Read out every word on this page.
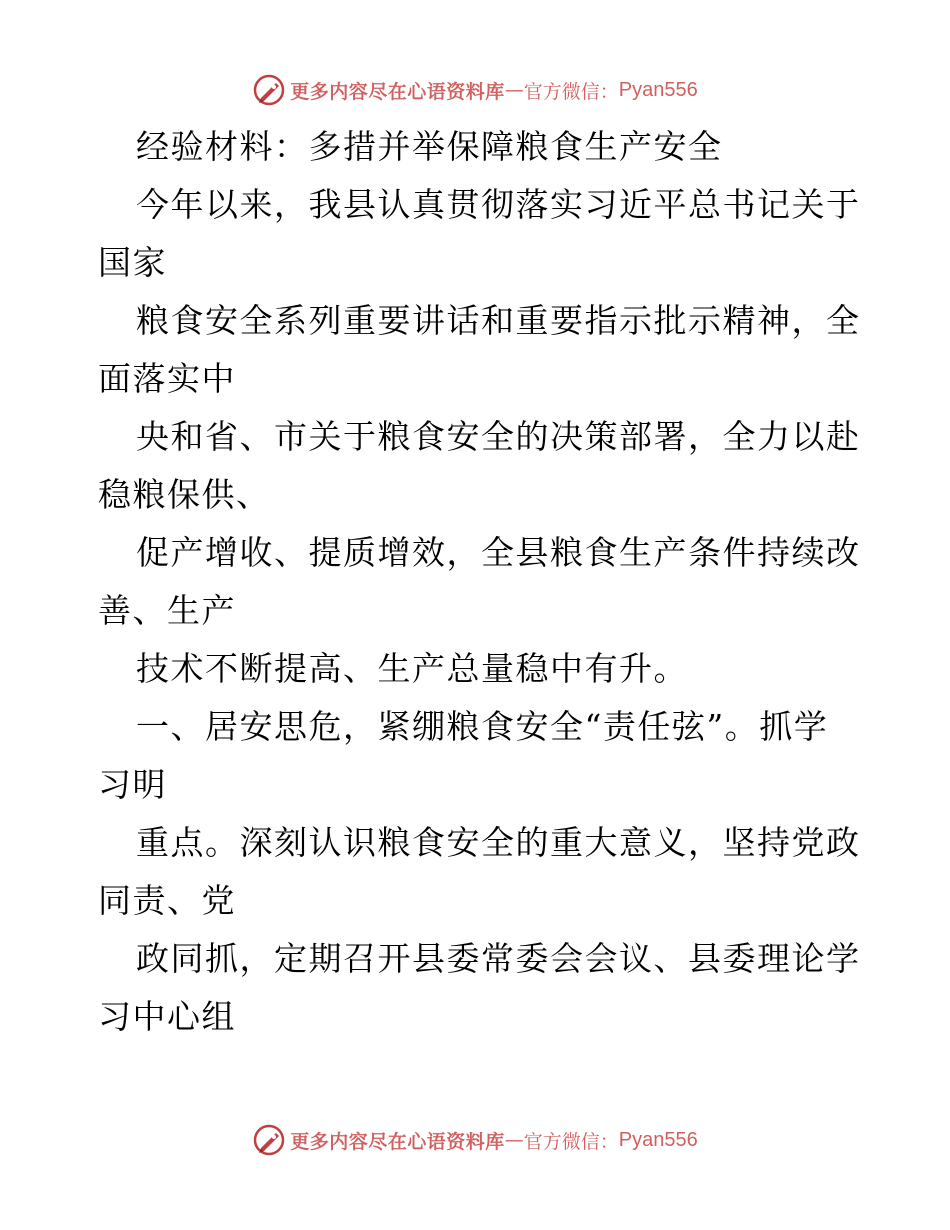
更多内容尽在心语资料库 — 官方微信： Pyan556
经验材料：多措并举保障粮食生产安全
今年以来，我县认真贯彻落实习近平总书记关于
国家
粮食安全系列重要讲话和重要指示批示精神，全
面落实中
央和省、市关于粮食安全的决策部署，全力以赴
稳粮保供、
促产增收、提质增效，全县粮食生产条件持续改
善、生产
技术不断提高、生产总量稳中有升。
一、居安思危，紧绷粮食安全“责任弦”。抓学
习明
重点。深刻认识粮食安全的重大意义，坚持党政
同责、党
政同抓，定期召开县委常委会会议、县委理论学
习中心组
更多内容尽在心语资料库 — 官方微信： Pyan556
